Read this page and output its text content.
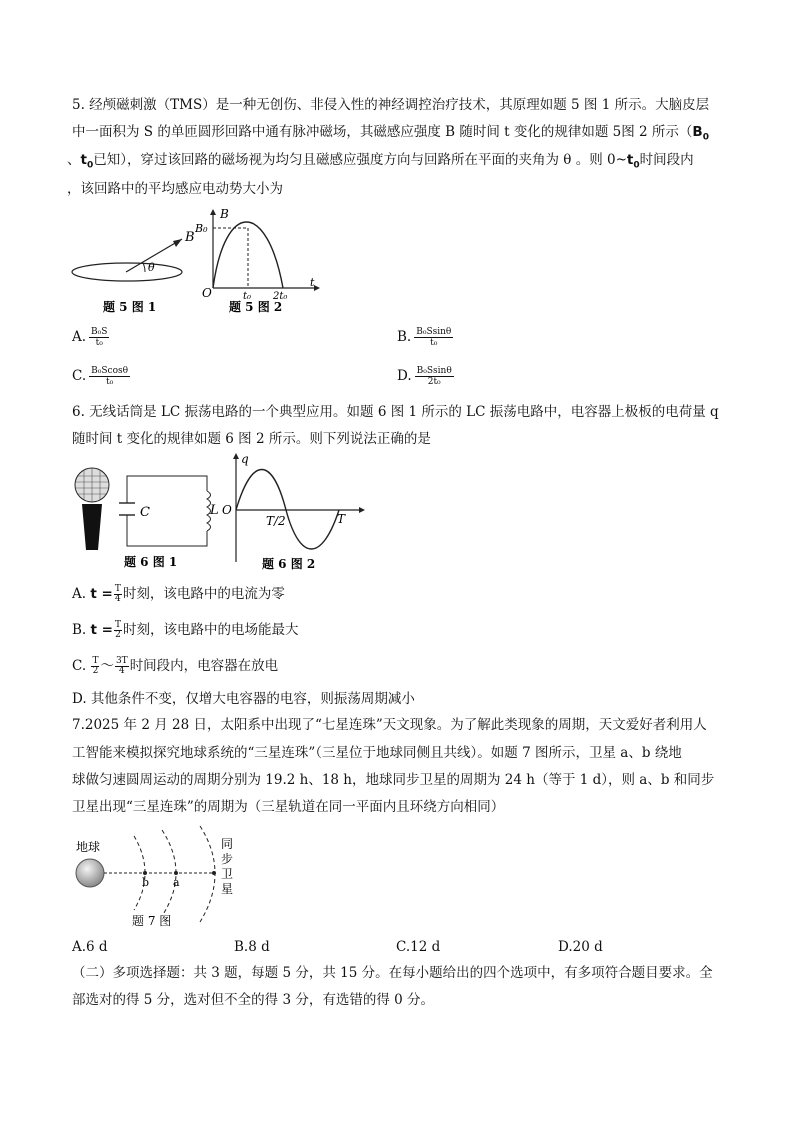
5. 经颅磁刺激（TMS）是一种无创伤、非侵入性的神经调控治疗技术，其原理如题 5 图 1 所示。大脑皮层
中一面积为 S 的单匝圆形回路中通有脉冲磁场，其磁感应强度 B 随时间 t 变化的规律如题 5图 2 所示（$B_0$
、$t_0$已知），穿过该回路的磁场视为均匀且磁感应强度方向与回路所在平面的夹角为 θ 。则 $0\sim t_0$时间段内
，该回路中的平均感应电动势大小为
B
θ
题 5 图 1
B
B₀
O
t
t₀ 2t₀
题 5 图 2
A. $\frac{\text{B₀S}}{\text{t₀}}$	B. $\frac{\text{B₀Ssinθ}}{\text{t₀}}$
C. $\frac{\text{B₀Scosθ}}{\text{t₀}}$	D. $\frac{\text{B₀Ssinθ}}{\text{2t₀}}$
6. 无线话筒是 LC 振荡电路的一个典型应用。如题 6 图 1 所示的 LC 振荡电路中，电容器上极板的电荷量 q
随时间 t 变化的规律如题 6 图 2 所示。则下列说法正确的是
C	L
题 6 图 1
q
O
T/2	T
题 6 图 2
A. $t = \frac{T}{4}$ 时刻，该电路中的电流为零
B. $t = \frac{T}{2}$ 时刻，该电路中的电场能最大
C. $\frac{T}{2}$ ～ $\frac{3T}{4}$ 时间段内，电容器在放电
D. 其他条件不变，仅增大电容器的电容，则振荡周期减小
7.2025 年 2 月 28 日，太阳系中出现了“七星连珠”天文现象。为了解此类现象的周期，天文爱好者利用人
工智能来模拟探究地球系统的“三星连珠”（三星位于地球同侧且共线）。如题 7 图所示，卫星 a、b 绕地
球做匀速圆周运动的周期分别为 19.2 h、18 h，地球同步卫星的周期为 24 h（等于 1 d），则 a、b 和同步
卫星出现“三星连珠”的周期为（三星轨道在同一平面内且环绕方向相同）
地球
b a
同
步
卫
星
题 7 图
A.6 d	B.8 d	C.12 d	D.20 d
（二）多项选择题：共 3 题，每题 5 分，共 15 分。在每小题给出的四个选项中，有多项符合题目要求。全
部选对的得 5 分，选对但不全的得 3 分，有选错的得 0 分。
